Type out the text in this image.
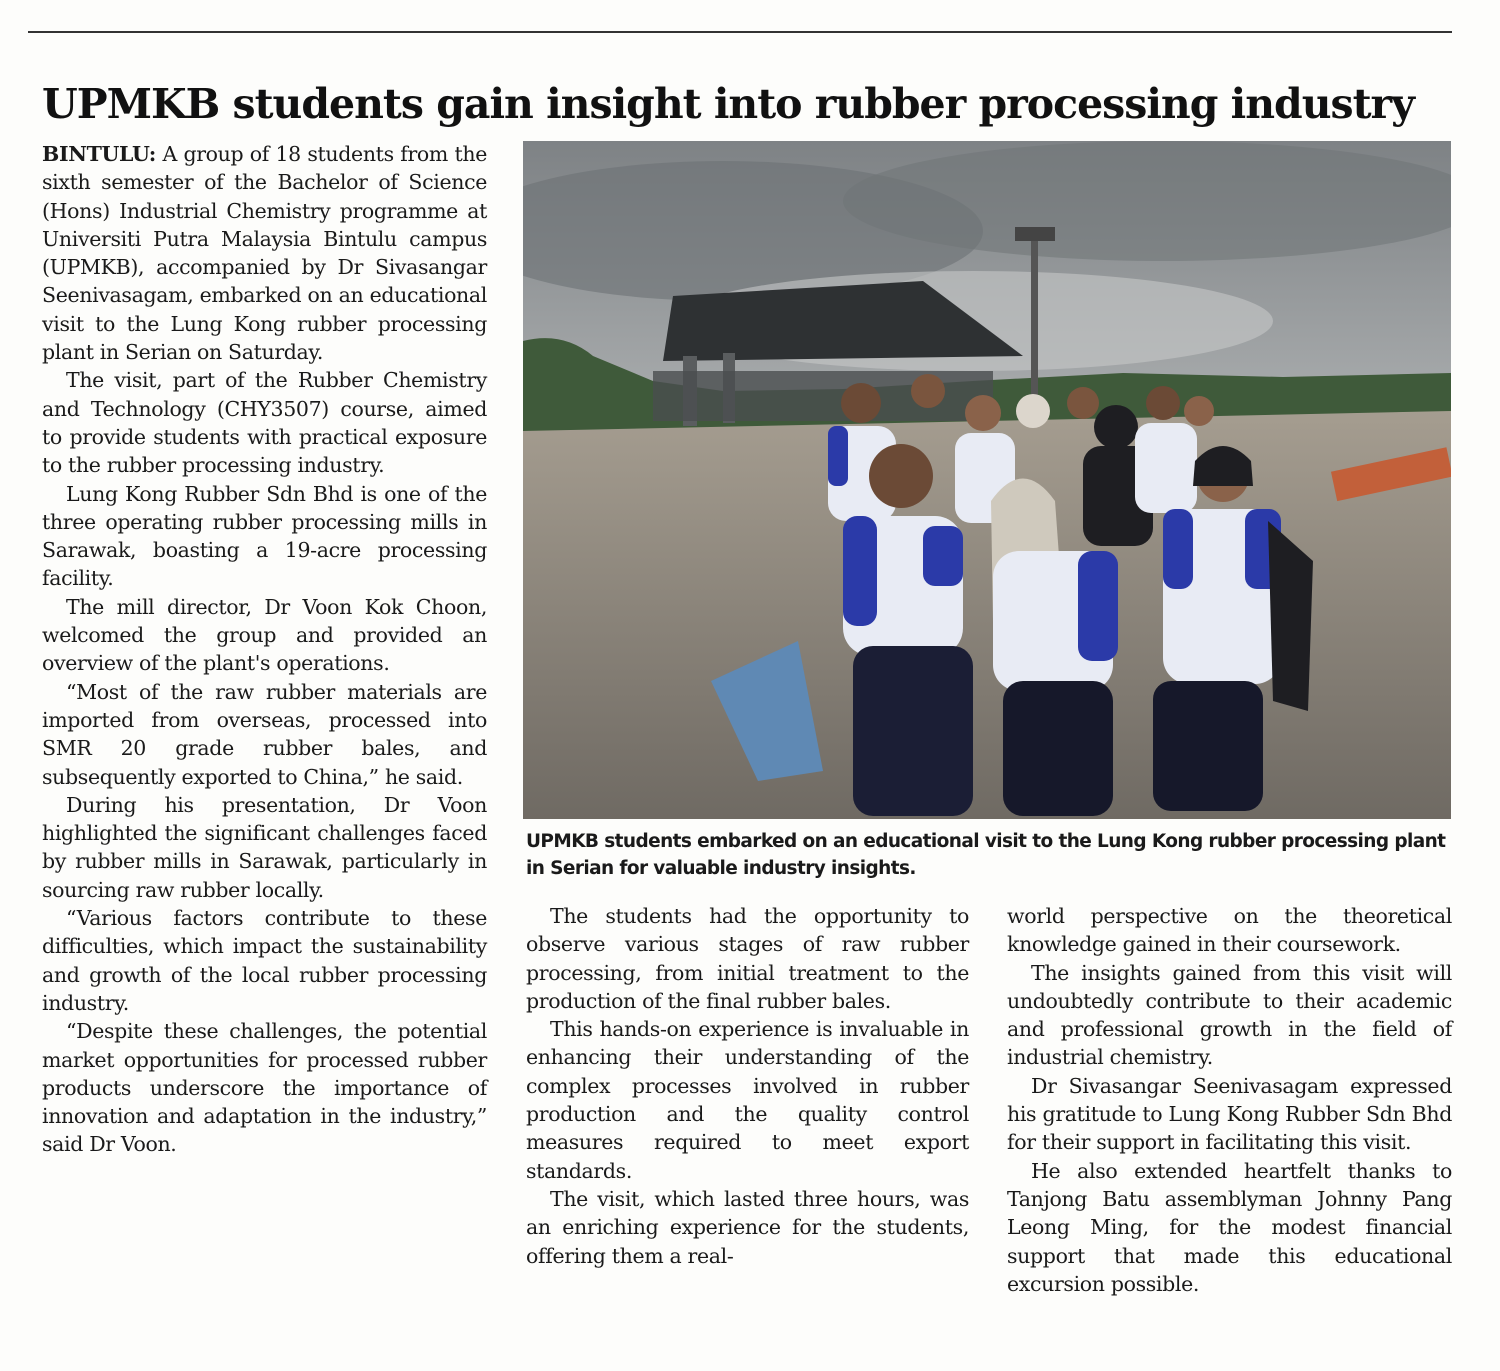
UPMKB students gain insight into rubber processing industry

BINTULU: A group of 18 students from the sixth semester of the Bachelor of Science (Hons) Industrial Chemistry programme at Universiti Putra Malaysia Bintulu campus (UPMKB), accompanied by Dr Sivasangar Seenivasagam, embarked on an educational visit to the Lung Kong rubber processing plant in Serian on Saturday.

The visit, part of the Rubber Chemistry and Technology (CHY3507) course, aimed to provide students with practical exposure to the rubber processing industry.

Lung Kong Rubber Sdn Bhd is one of the three operating rubber processing mills in Sarawak, boasting a 19-acre processing facility.

The mill director, Dr Voon Kok Choon, welcomed the group and provided an overview of the plant's operations.

“Most of the raw rubber materials are imported from overseas, processed into SMR 20 grade rubber bales, and subsequently exported to China,” he said.

During his presentation, Dr Voon highlighted the significant challenges faced by rubber mills in Sarawak, particularly in sourcing raw rubber locally.

“Various factors contribute to these difficulties, which impact the sustainability and growth of the local rubber processing industry.

“Despite these challenges, the potential market opportunities for processed rubber products underscore the importance of innovation and adaptation in the industry,” said Dr Voon.

UPMKB students embarked on an educational visit to the Lung Kong rubber processing plant in Serian for valuable industry insights.

The students had the opportunity to observe various stages of raw rubber processing, from initial treatment to the production of the final rubber bales.

This hands-on experience is invaluable in enhancing their understanding of the complex processes involved in rubber production and the quality control measures required to meet export standards.

The visit, which lasted three hours, was an enriching experience for the students, offering them a real-

world perspective on the theoretical knowledge gained in their coursework.

The insights gained from this visit will undoubtedly contribute to their academic and professional growth in the field of industrial chemistry.

Dr Sivasangar Seenivasagam expressed his gratitude to Lung Kong Rubber Sdn Bhd for their support in facilitating this visit.

He also extended heartfelt thanks to Tanjong Batu assemblyman Johnny Pang Leong Ming, for the modest financial support that made this educational excursion possible.
